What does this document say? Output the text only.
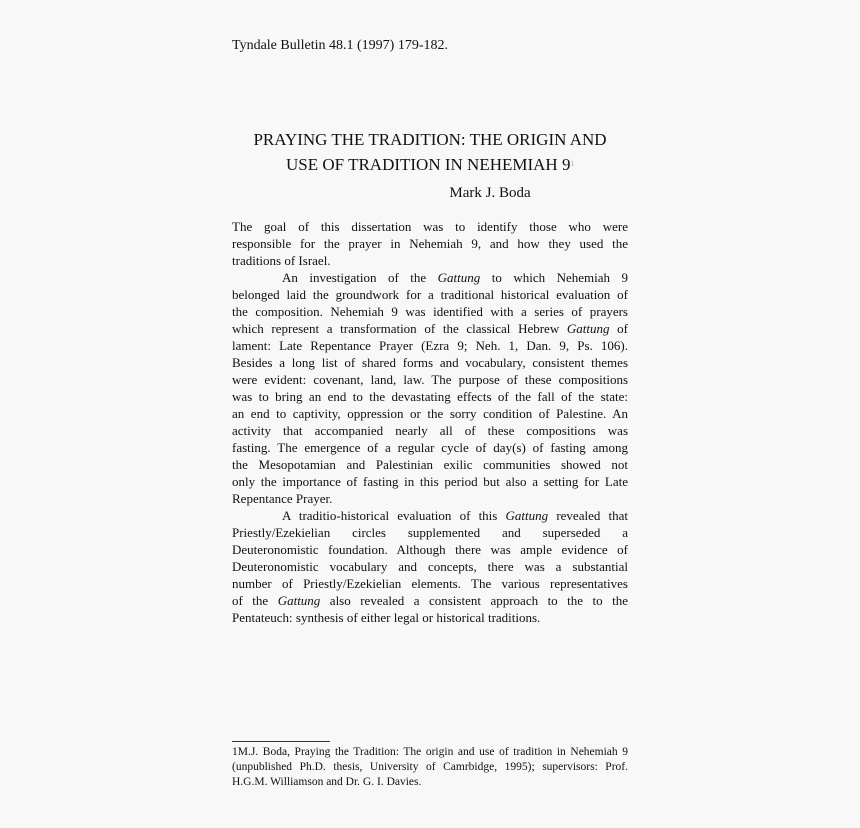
Tyndale Bulletin 48.1 (1997) 179-182.
PRAYING THE TRADITION: THE ORIGIN AND
USE OF TRADITION IN NEHEMIAH $9^1$
Mark J. Boda
The goal of this dissertation was to identify those who were
responsible for the prayer in Nehemiah 9, and how they used the
traditions of Israel.
An investigation of the Gattung to which Nehemiah 9
belonged laid the groundwork for a traditional historical evaluation of
the composition. Nehemiah 9 was identified with a series of prayers
which represent a transformation of the classical Hebrew Gattung of
lament: Late Repentance Prayer (Ezra 9; Neh. 1, Dan. 9, Ps. 106).
Besides a long list of shared forms and vocabulary, consistent themes
were evident: covenant, land, law. The purpose of these compositions
was to bring an end to the devastating effects of the fall of the state:
an end to captivity, oppression or the sorry condition of Palestine. An
activity that accompanied nearly all of these compositions was
fasting. The emergence of a regular cycle of day(s) of fasting among
the Mesopotamian and Palestinian exilic communities showed not
only the importance of fasting in this period but also a setting for Late
Repentance Prayer.
A traditio-historical evaluation of this Gattung revealed that
Priestly/Ezekielian circles supplemented and superseded a
Deuteronomistic foundation. Although there was ample evidence of
Deuteronomistic vocabulary and concepts, there was a substantial
number of Priestly/Ezekielian elements. The various representatives
of the Gattung also revealed a consistent approach to the to the
Pentateuch: synthesis of either legal or historical traditions.
1M.J. Boda, Praying the Tradition: The origin and use of tradition in Nehemiah 9
(unpublished Ph.D. thesis, University of Camrbidge, 1995); supervisors: Prof.
H.G.M. Williamson and Dr. G. I. Davies.
